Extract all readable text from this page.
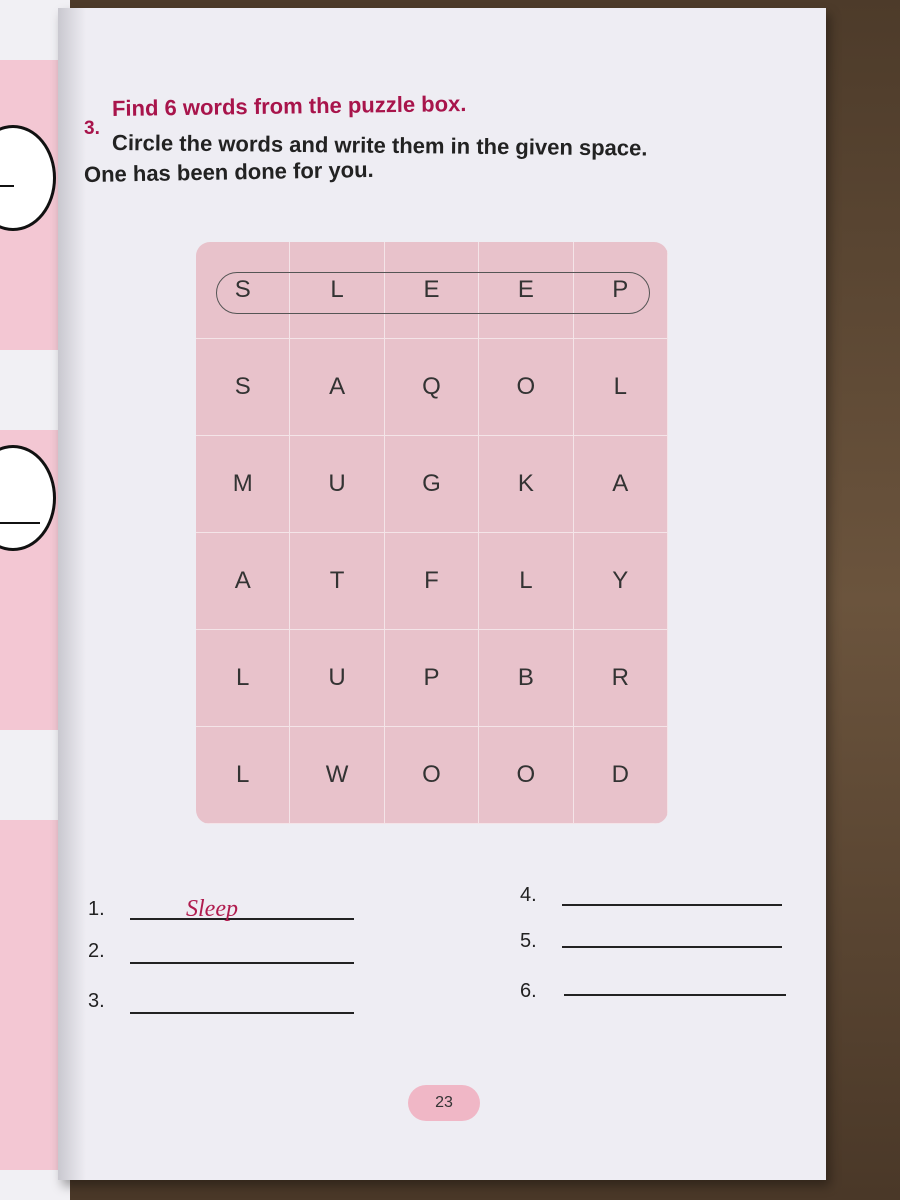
3.
Find 6 words from the puzzle box.
Circle the words and write them in the given space.
One has been done for you.
S	L	E	E	P
S	A	Q	O	L
M	U	G	K	A
A	T	F	L	Y
L	U	P	B	R
L	W	O	O	D
1.	Sleep
2.
3.
4.
5.
6.
23
